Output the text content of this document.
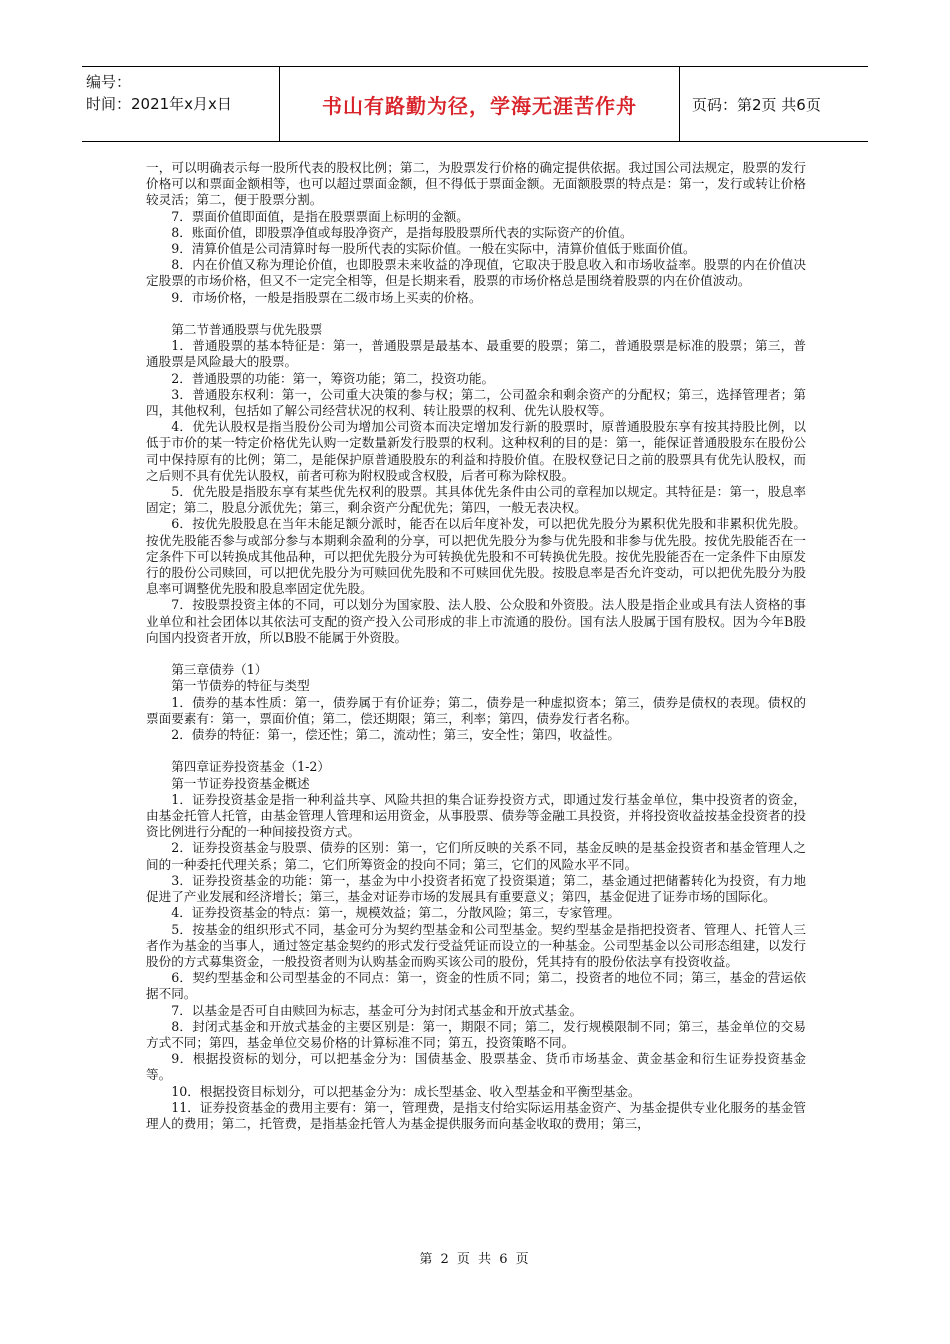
编号：
时间：2021年x月x日	书山有路勤为径，学海无涯苦作舟	页码：第2页 共6页

一，可以明确表示每一股所代表的股权比例；第二，为股票发行价格的确定提供依据。我过国公司法规定，股票的发行价格可以和票面金额相等，也可以超过票面金额，但不得低于票面金额。无面额股票的特点是：第一，发行或转让价格较灵活；第二，便于股票分割。

7．票面价值即面值，是指在股票票面上标明的金额。

8．账面价值，即股票净值或每股净资产，是指每股股票所代表的实际资产的价值。

9．清算价值是公司清算时每一股所代表的实际价值。一般在实际中，清算价值低于账面价值。

8．内在价值又称为理论价值，也即股票未来收益的净现值，它取决于股息收入和市场收益率。股票的内在价值决定股票的市场价格，但又不一定完全相等，但是长期来看，股票的市场价格总是围绕着股票的内在价值波动。

9．市场价格，一般是指股票在二级市场上买卖的价格。

第二节普通股票与优先股票

1．普通股票的基本特征是：第一，普通股票是最基本、最重要的股票；第二，普通股票是标准的股票；第三，普通股票是风险最大的股票。

2．普通股票的功能：第一，筹资功能；第二，投资功能。

3．普通股东权利：第一，公司重大决策的参与权；第二，公司盈余和剩余资产的分配权；第三，选择管理者；第四，其他权利，包括如了解公司经营状况的权利、转让股票的权利、优先认股权等。

4．优先认股权是指当股份公司为增加公司资本而决定增加发行新的股票时，原普通股股东享有按其持股比例，以低于市价的某一特定价格优先认购一定数量新发行股票的权利。这种权利的目的是：第一，能保证普通股股东在股份公司中保持原有的比例；第二，是能保护原普通股股东的利益和持股价值。在股权登记日之前的股票具有优先认股权，而之后则不具有优先认股权，前者可称为附权股或含权股，后者可称为除权股。

5．优先股是指股东享有某些优先权利的股票。其具体优先条件由公司的章程加以规定。其特征是：第一，股息率固定；第二，股息分派优先；第三，剩余资产分配优先；第四，一般无表决权。

6．按优先股股息在当年未能足额分派时，能否在以后年度补发，可以把优先股分为累积优先股和非累积优先股。按优先股能否参与或部分参与本期剩余盈利的分享，可以把优先股分为参与优先股和非参与优先股。按优先股能否在一定条件下可以转换成其他品种，可以把优先股分为可转换优先股和不可转换优先股。按优先股能否在一定条件下由原发行的股份公司赎回，可以把优先股分为可赎回优先股和不可赎回优先股。按股息率是否允许变动，可以把优先股分为股息率可调整优先股和股息率固定优先股。

7．按股票投资主体的不同，可以划分为国家股、法人股、公众股和外资股。法人股是指企业或具有法人资格的事业单位和社会团体以其依法可支配的资产投入公司形成的非上市流通的股份。国有法人股属于国有股权。因为今年B股向国内投资者开放，所以B股不能属于外资股。

第三章债券（1）

第一节债券的特征与类型

1．债券的基本性质：第一，债券属于有价证券；第二，债券是一种虚拟资本；第三，债券是债权的表现。债权的票面要素有：第一，票面价值；第二，偿还期限；第三，利率；第四，债券发行者名称。

2．债券的特征：第一，偿还性；第二，流动性；第三，安全性；第四，收益性。

第四章证券投资基金（1-2）

第一节证券投资基金概述

1．证券投资基金是指一种利益共享、风险共担的集合证券投资方式，即通过发行基金单位，集中投资者的资金，由基金托管人托管，由基金管理人管理和运用资金，从事股票、债券等金融工具投资，并将投资收益按基金投资者的投资比例进行分配的一种间接投资方式。

2．证券投资基金与股票、债券的区别：第一，它们所反映的关系不同，基金反映的是基金投资者和基金管理人之间的一种委托代理关系；第二，它们所筹资金的投向不同；第三，它们的风险水平不同。

3．证券投资基金的功能：第一，基金为中小投资者拓宽了投资渠道；第二，基金通过把储蓄转化为投资，有力地促进了产业发展和经济增长；第三，基金对证券市场的发展具有重要意义；第四，基金促进了证券市场的国际化。

4．证券投资基金的特点：第一，规模效益；第二，分散风险；第三，专家管理。

5．按基金的组织形式不同，基金可分为契约型基金和公司型基金。契约型基金是指把投资者、管理人、托管人三者作为基金的当事人，通过签定基金契约的形式发行受益凭证而设立的一种基金。公司型基金以公司形态组建，以发行股份的方式募集资金，一般投资者则为认购基金而购买该公司的股份，凭其持有的股份依法享有投资收益。

6．契约型基金和公司型基金的不同点：第一，资金的性质不同；第二，投资者的地位不同；第三，基金的营运依据不同。

7．以基金是否可自由赎回为标志，基金可分为封闭式基金和开放式基金。

8．封闭式基金和开放式基金的主要区别是：第一，期限不同；第二，发行规模限制不同；第三，基金单位的交易方式不同；第四，基金单位交易价格的计算标准不同；第五，投资策略不同。

9．根据投资标的划分，可以把基金分为：国债基金、股票基金、货币市场基金、黄金基金和衍生证券投资基金等。

10．根据投资目标划分，可以把基金分为：成长型基金、收入型基金和平衡型基金。

11．证券投资基金的费用主要有：第一，管理费，是指支付给实际运用基金资产、为基金提供专业化服务的基金管理人的费用；第二，托管费，是指基金托管人为基金提供服务而向基金收取的费用；第三，

第 2 页 共 6 页
